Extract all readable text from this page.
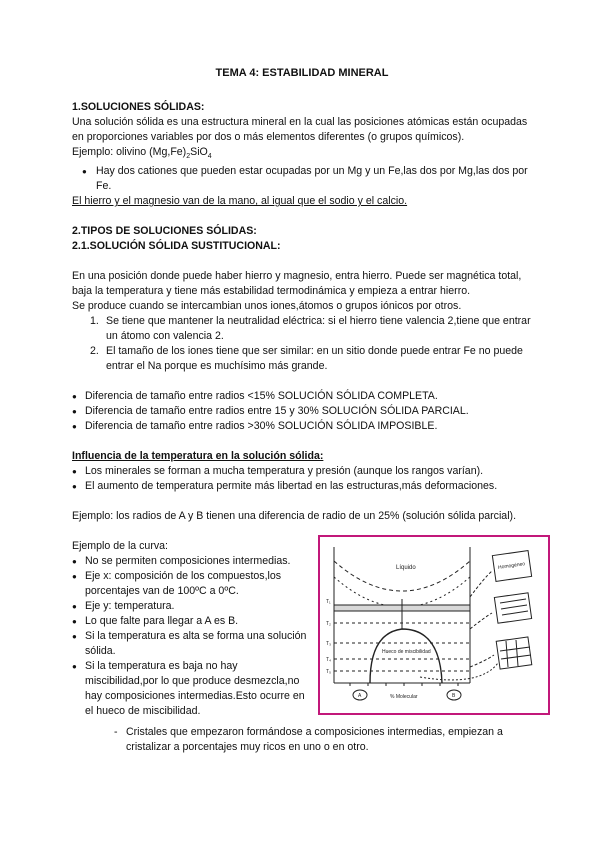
TEMA 4: ESTABILIDAD MINERAL
1.SOLUCIONES SÓLIDAS:
Una solución sólida es una estructura mineral en la cual las posiciones atómicas están ocupadas en proporciones variables por dos o más elementos diferentes (o grupos químicos).
Ejemplo: olivino $(Mg,Fe)_2SiO_4$
● Hay dos cationes que pueden estar ocupadas por un Mg y un Fe,las dos por Mg,las dos por Fe.
El hierro y el magnesio van de la mano, al igual que el sodio y el calcio.
2.TIPOS DE SOLUCIONES SÓLIDAS:
2.1.SOLUCIÓN SÓLIDA SUSTITUCIONAL:
En una posición donde puede haber hierro y magnesio, entra hierro. Puede ser magnética total, baja la temperatura y tiene más estabilidad termodinámica y empieza a entrar hierro.
Se produce cuando se intercambian unos iones,átomos o grupos iónicos por otros.
1. Se tiene que mantener la neutralidad eléctrica: si el hierro tiene valencia 2,tiene que entrar un átomo con valencia 2.
2. El tamaño de los iones tiene que ser similar: en un sitio donde puede entrar Fe no puede entrar el Na porque es muchísimo más grande.
● Diferencia de tamaño entre radios <15% SOLUCIÓN SÓLIDA COMPLETA.
● Diferencia de tamaño entre radios entre 15 y 30% SOLUCIÓN SÓLIDA PARCIAL.
● Diferencia de tamaño entre radios >30% SOLUCIÓN SÓLIDA IMPOSIBLE.
Influencia de la temperatura en la solución sólida:
● Los minerales se forman a mucha temperatura y presión (aunque los rangos varían).
● El aumento de temperatura permite más libertad en las estructuras,más deformaciones.
Ejemplo: los radios de A y B tienen una diferencia de radio de un 25% (solución sólida parcial).
Ejemplo de la curva:
● No se permiten composiciones intermedias.
● Eje x: composición de los compuestos,los porcentajes van de 100ºC a 0ºC.
● Eje y: temperatura.
● Lo que falte para llegar a A es B.
● Si la temperatura es alta se forma una solución sólida.
● Si la temperatura es baja no hay miscibilidad,por lo que produce desmezcla,no hay composiciones intermedias.Esto ocurre en el hueco de miscibilidad.
Líquido
Hueco de miscibilidad
T₁
T₂
T₃
T₄
T₅
% Molecular
A	B
Homogéneo
- Cristales que empezaron formándose a composiciones intermedias, empiezan a cristalizar a porcentajes muy ricos en uno o en otro.
